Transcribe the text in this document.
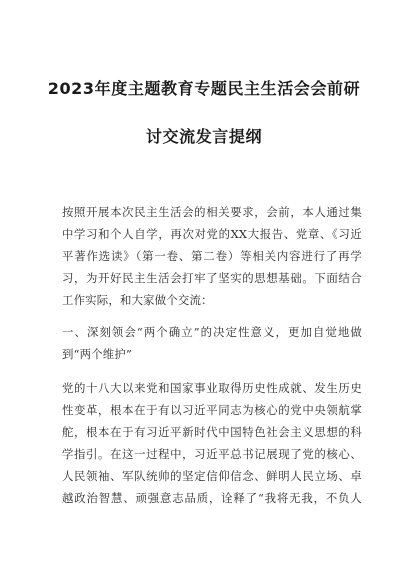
2023年度主题教育专题民主生活会会前研
讨交流发言提纲
按照开展本次民主生活会的相关要求，会前，本人通过集
中学习和个人自学，再次对党的XX大报告、党章、《习近
平著作选读》（第一卷、第二卷）等相关内容进行了再学
习，为开好民主生活会打牢了坚实的思想基础。下面结合
工作实际，和大家做个交流：
一、深刻领会“两个确立”的决定性意义，更加自觉地做
到“两个维护”
党的十八大以来党和国家事业取得历史性成就、发生历史
性变革，根本在于有以习近平同志为核心的党中央领航掌
舵，根本在于有习近平新时代中国特色社会主义思想的科
学指引。在这一过程中，习近平总书记展现了党的核心、
人民领袖、军队统帅的坚定信仰信念、鲜明人民立场、卓
越政治智慧、顽强意志品质，诠释了“我将无我，不负人
